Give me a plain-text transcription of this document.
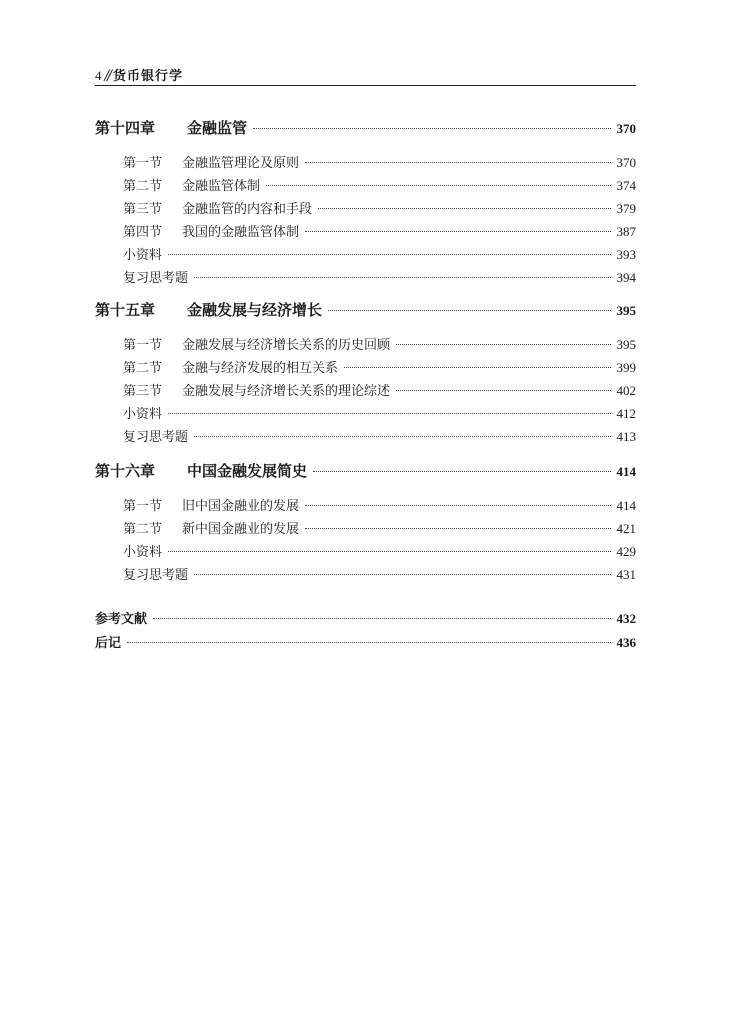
4 // 货币银行学
第十四章 金融监管	370
第一节 金融监管理论及原则	370
第二节 金融监管体制	374
第三节 金融监管的内容和手段	379
第四节 我国的金融监管体制	387
小资料	393
复习思考题	394
第十五章 金融发展与经济增长	395
第一节 金融发展与经济增长关系的历史回顾	395
第二节 金融与经济发展的相互关系	399
第三节 金融发展与经济增长关系的理论综述	402
小资料	412
复习思考题	413
第十六章 中国金融发展简史	414
第一节 旧中国金融业的发展	414
第二节 新中国金融业的发展	421
小资料	429
复习思考题	431
参考文献	432
后记	436
